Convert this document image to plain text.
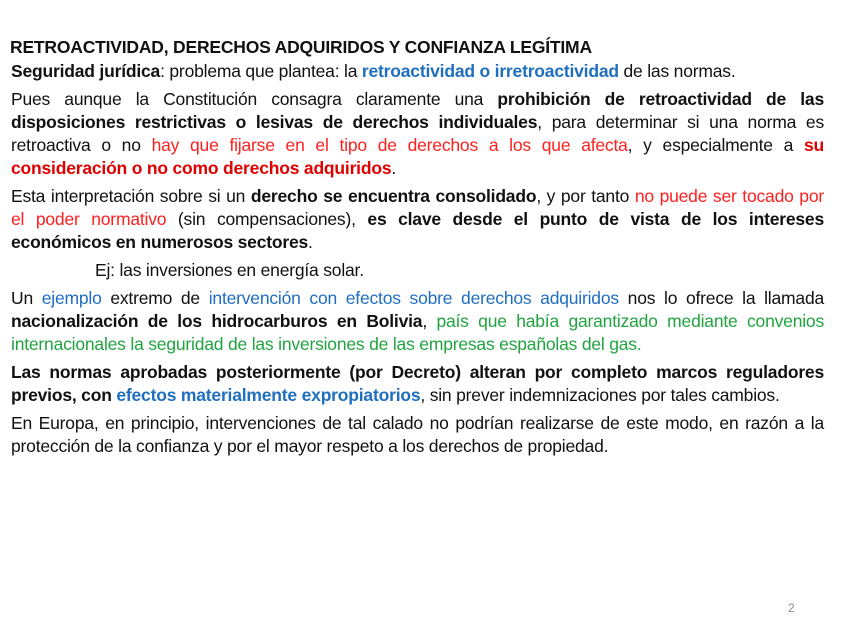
RETROACTIVIDAD, DERECHOS ADQUIRIDOS Y CONFIANZA LEGÍTIMA

Seguridad jurídica: problema que plantea: la retroactividad o irretroactividad de las normas.

Pues aunque la Constitución consagra claramente una prohibición de retroactividad de las disposiciones restrictivas o lesivas de derechos individuales, para determinar si una norma es retroactiva o no hay que fijarse en el tipo de derechos a los que afecta, y especialmente a su consideración o no como derechos adquiridos.

Esta interpretación sobre si un derecho se encuentra consolidado, y por tanto no puede ser tocado por el poder normativo (sin compensaciones), es clave desde el punto de vista de los intereses económicos en numerosos sectores.

Ej: las inversiones en energía solar.

Un ejemplo extremo de intervención con efectos sobre derechos adquiridos nos lo ofrece la llamada nacionalización de los hidrocarburos en Bolivia, país que había garantizado mediante convenios internacionales la seguridad de las inversiones de las empresas españolas del gas.

Las normas aprobadas posteriormente (por Decreto) alteran por completo marcos reguladores previos, con efectos materialmente expropiatorios, sin prever indemnizaciones por tales cambios.

En Europa, en principio, intervenciones de tal calado no podrían realizarse de este modo, en razón a la protección de la confianza y por el mayor respeto a los derechos de propiedad.

2
